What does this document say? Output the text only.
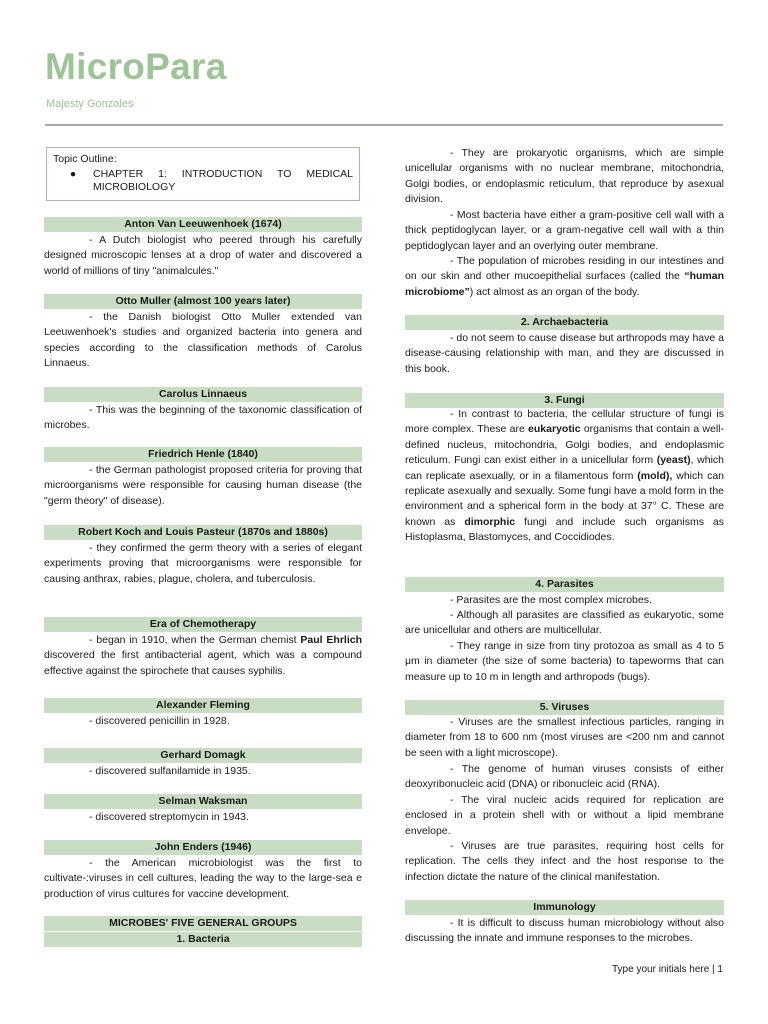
MicroPara
Majesty Gonzales
Topic Outline:
●	CHAPTER 1: INTRODUCTION TO MEDICAL MICROBIOLOGY
Anton Van Leeuwenhoek (1674)
- A Dutch biologist who peered through his carefully designed microscopic lenses at a drop of water and discovered a world of millions of tiny "animalcules."
Otto Muller (almost 100 years later)
- the Danish biologist Otto Muller extended van Leeuwenhoek's studies and organized bacteria into genera and species according to the classification methods of Carolus Linnaeus.
Carolus Linnaeus
- This was the beginning of the taxonomic classification of microbes.
Friedrich Henle (1840)
- the German pathologist proposed criteria for proving that microorganisms were responsible for causing human disease (the "germ theory" of disease).
Robert Koch and Louis Pasteur (1870s and 1880s)
- they confirmed the germ theory with a series of elegant experiments proving that microorganisms were responsible for causing anthrax, rabies, plague, cholera, and tuberculosis.
Era of Chemotherapy
- began in 1910, when the German chemist Paul Ehrlich discovered the first antibacterial agent, which was a compound effective against the spirochete that causes syphilis.
Alexander Fleming
- discovered penicillin in 1928.
Gerhard Domagk
- discovered sulfanilamide in 1935.
Selman Waksman
- discovered streptomycin in 1943.
John Enders (1946)
- the American microbiologist was the first to cultivate-:viruses in cell cultures, leading the way to the large-sea e production of virus cultures for vaccine development.
MICROBES' FIVE GENERAL GROUPS
1. Bacteria
- They are prokaryotic organisms, which are simple unicellular organisms with no nuclear membrane, mitochondria, Golgi bodies, or endoplasmic reticulum, that reproduce by asexual division.
- Most bacteria have either a gram-positive cell wall with a thick peptidoglycan layer, or a gram-negative cell wall with a thin peptidoglycan layer and an overlying outer membrane.
- The population of microbes residing in our intestines and on our skin and other mucoepithelial surfaces (called the “human microbiome”) act almost as an organ of the body.
2. Archaebacteria
- do not seem to cause disease but arthropods may have a disease-causing relationship with man, and they are discussed in this book.
3. Fungi
- In contrast to bacteria, the cellular structure of fungi is more complex. These are eukaryotic organisms that contain a well-defined nucleus, mitochondria, Golgi bodies, and endoplasmic reticulum. Fungi can exist either in a unicellular form (yeast), which can replicate asexually, or in a filamentous form (mold), which can replicate asexually and sexually. Some fungi have a mold form in the environment and a spherical form in the body at 37° C. These are known as dimorphic fungi and include such organisms as Histoplasma, Blastomyces, and Coccidiodes.
4. Parasites
- Parasites are the most complex microbes.
- Although all parasites are classified as eukaryotic, some are unicellular and others are multicellular.
- They range in size from tiny protozoa as small as 4 to 5 μm in diameter (the size of some bacteria) to tapeworms that can measure up to 10 m in length and arthropods (bugs).
5. Viruses
- Viruses are the smallest infectious particles, ranging in diameter from 18 to 600 nm (most viruses are <200 nm and cannot be seen with a light microscope).
- The genome of human viruses consists of either deoxyribonucleic acid (DNA) or ribonucleic acid (RNA).
- The viral nucleic acids required for replication are enclosed in a protein shell with or without a lipid membrane envelope.
- Viruses are true parasites, requiring host cells for replication. The cells they infect and the host response to the infection dictate the nature of the clinical manifestation.
Immunology
- It is difficult to discuss human microbiology without also discussing the innate and immune responses to the microbes.
Type your initials here | 1
